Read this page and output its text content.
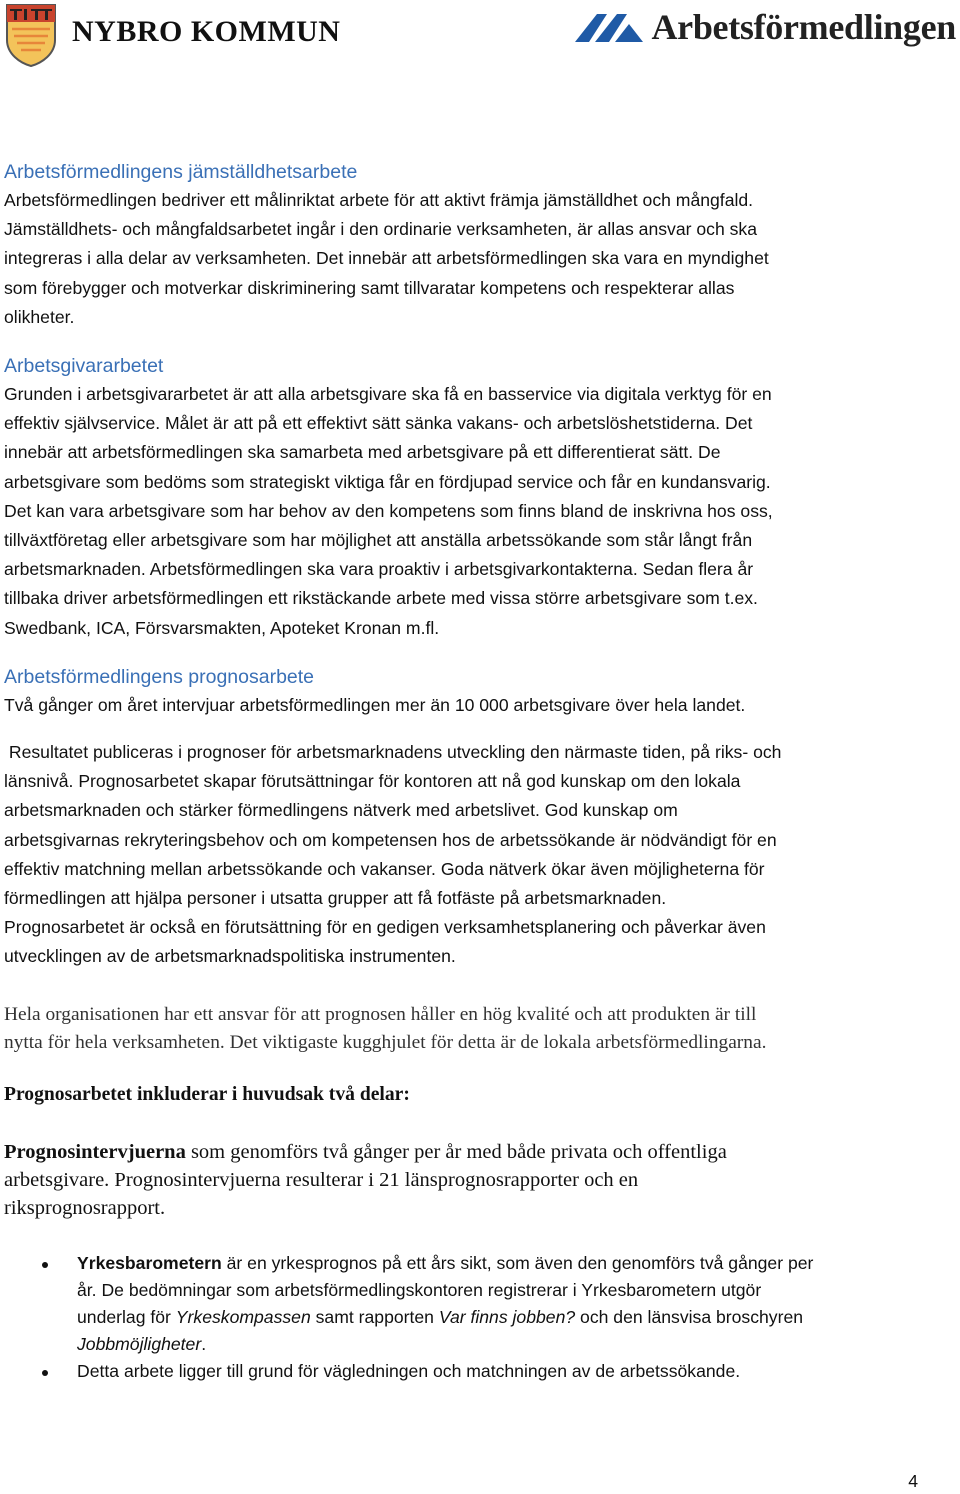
NYBRO KOMMUN	Arbetsförmedlingen

Arbetsförmedlingens jämställdhetsarbete

Arbetsförmedlingen bedriver ett målinriktat arbete för att aktivt främja jämställdhet och mångfald.

Jämställdhets- och mångfaldsarbetet ingår i den ordinarie verksamheten, är allas ansvar och ska

integreras i alla delar av verksamheten. Det innebär att arbetsförmedlingen ska vara en myndighet

som förebygger och motverkar diskriminering samt tillvaratar kompetens och respekterar allas

olikheter.

Arbetsgivararbetet

Grunden i arbetsgivararbetet är att alla arbetsgivare ska få en basservice via digitala verktyg för en

effektiv självservice. Målet är att på ett effektivt sätt sänka vakans- och arbetslöshetstiderna. Det

innebär att arbetsförmedlingen ska samarbeta med arbetsgivare på ett differentierat sätt. De

arbetsgivare som bedöms som strategiskt viktiga får en fördjupad service och får en kundansvarig.

Det kan vara arbetsgivare som har behov av den kompetens som finns bland de inskrivna hos oss,

tillväxtföretag eller arbetsgivare som har möjlighet att anställa arbetssökande som står långt från

arbetsmarknaden. Arbetsförmedlingen ska vara proaktiv i arbetsgivarkontakterna. Sedan flera år

tillbaka driver arbetsförmedlingen ett rikstäckande arbete med vissa större arbetsgivare som t.ex.

Swedbank, ICA, Försvarsmakten, Apoteket Kronan m.fl.

Arbetsförmedlingens prognosarbete

Två gånger om året intervjuar arbetsförmedlingen mer än 10 000 arbetsgivare över hela landet.

Resultatet publiceras i prognoser för arbetsmarknadens utveckling den närmaste tiden, på riks- och

länsnivå. Prognosarbetet skapar förutsättningar för kontoren att nå god kunskap om den lokala

arbetsmarknaden och stärker förmedlingens nätverk med arbetslivet. God kunskap om

arbetsgivarnas rekryteringsbehov och om kompetensen hos de arbetssökande är nödvändigt för en

effektiv matchning mellan arbetssökande och vakanser. Goda nätverk ökar även möjligheterna för

förmedlingen att hjälpa personer i utsatta grupper att få fotfäste på arbetsmarknaden.

Prognosarbetet är också en förutsättning för en gedigen verksamhetsplanering och påverkar även

utvecklingen av de arbetsmarknadspolitiska instrumenten.

Hela organisationen har ett ansvar för att prognosen håller en hög kvalité och att produkten är till

nytta för hela verksamheten. Det viktigaste kugghjulet för detta är de lokala arbetsförmedlingarna.

Prognosarbetet inkluderar i huvudsak två delar:

Prognosintervjuerna som genomförs två gånger per år med både privata och offentliga

arbetsgivare. Prognosintervjuerna resulterar i 21 länsprognosrapporter och en

riksprognosrapport.

Yrkesbarometern är en yrkesprognos på ett års sikt, som även den genomförs två gånger per
år. De bedömningar som arbetsförmedlingskontoren registrerar i Yrkesbarometern utgör
underlag för Yrkeskompassen samt rapporten Var finns jobben? och den länsvisa broschyren
Jobbmöjligheter.
Detta arbete ligger till grund för vägledningen och matchningen av de arbetssökande.
4
